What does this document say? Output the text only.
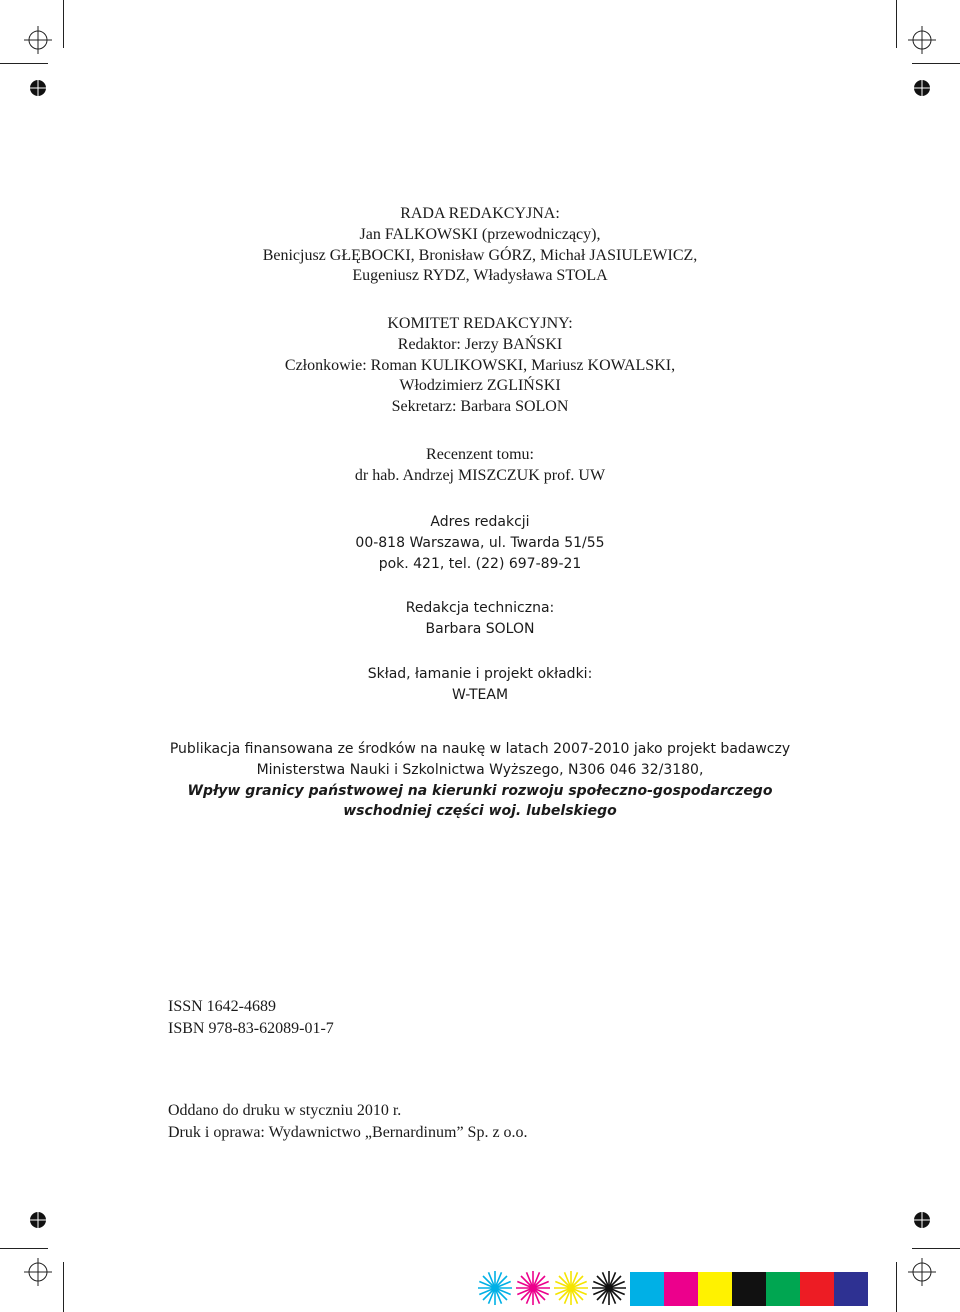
RADA REDAKCYJNA:
Jan FALKOWSKI (przewodniczący),
Benicjusz GŁĘBOCKI, Bronisław GÓRZ, Michał JASIULEWICZ,
Eugeniusz RYDZ, Władysława STOLA
KOMITET REDAKCYJNY:
Redaktor: Jerzy BAŃSKI
Członkowie: Roman KULIKOWSKI, Mariusz KOWALSKI,
Włodzimierz ZGLIŃSKI
Sekretarz: Barbara SOLON
Recenzent tomu:
dr hab. Andrzej MISZCZUK prof. UW
Adres redakcji
00-818 Warszawa, ul. Twarda 51/55
pok. 421, tel. (22) 697-89-21
Redakcja techniczna:
Barbara SOLON
Skład, łamanie i projekt okładki:
W-TEAM
Publikacja finansowana ze środków na naukę w latach 2007-2010 jako projekt badawczy
Ministerstwa Nauki i Szkolnictwa Wyższego, N306 046 32/3180,
Wpływ granicy państwowej na kierunki rozwoju społeczno-gospodarczego
wschodniej części woj. lubelskiego
ISSN 1642-4689
ISBN 978-83-62089-01-7
Oddano do druku w styczniu 2010 r.
Druk i oprawa: Wydawnictwo „Bernardinum” Sp. z o.o.
